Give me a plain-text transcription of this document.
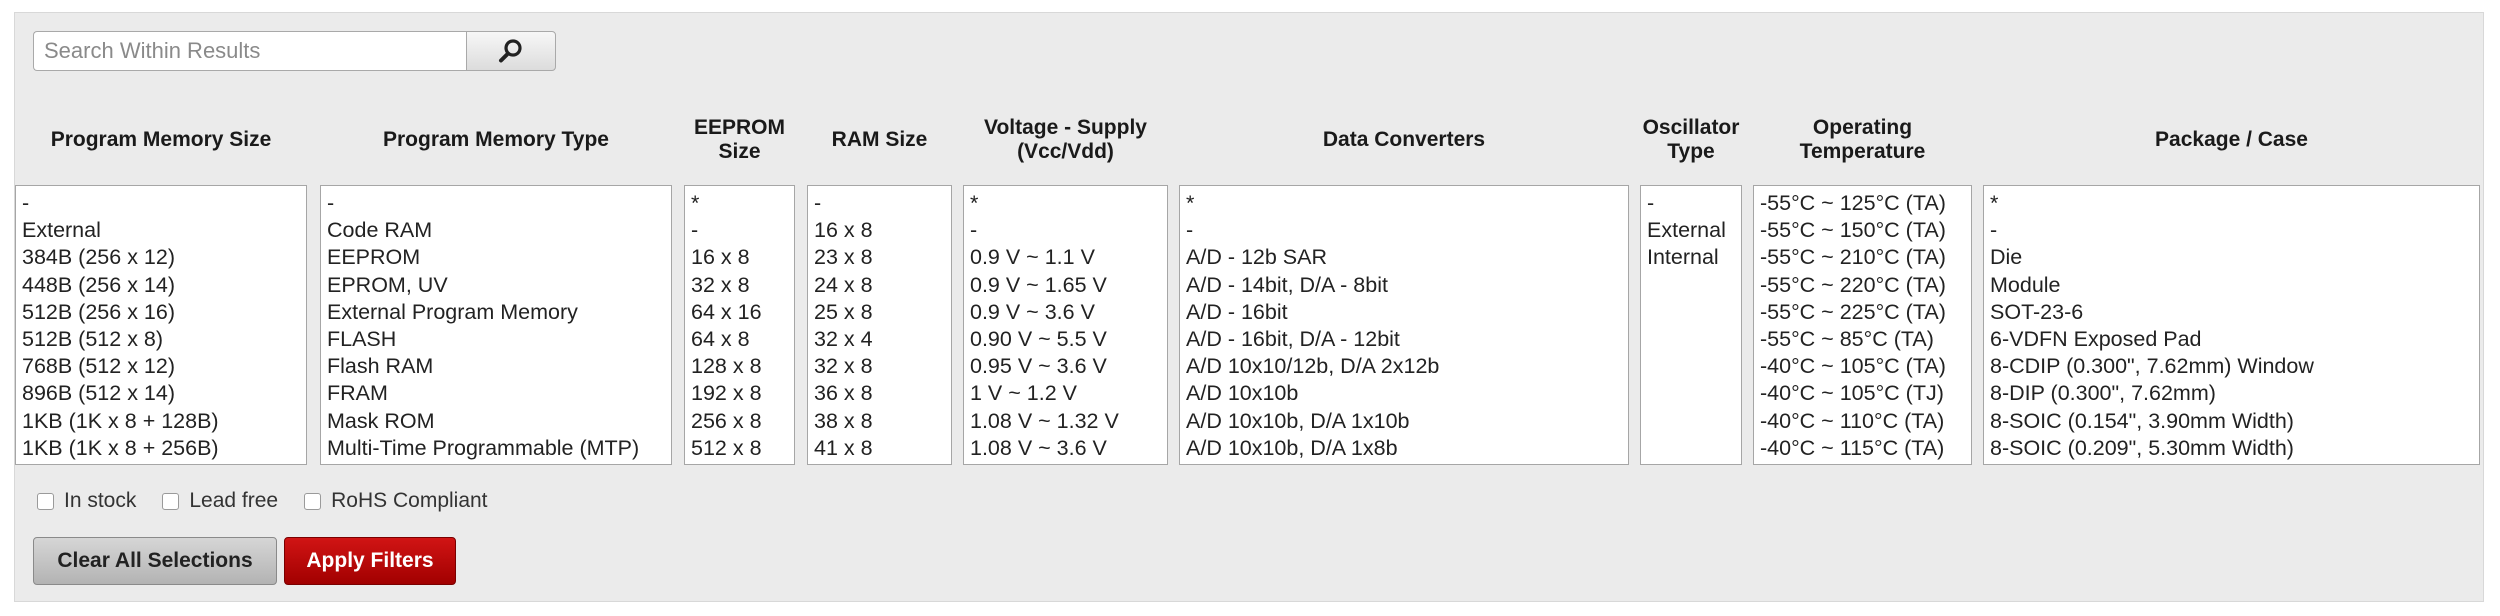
Search Within Results
Program Memory Size
-
External
384B (256 x 12)
448B (256 x 14)
512B (256 x 16)
512B (512 x 8)
768B (512 x 12)
896B (512 x 14)
1KB (1K x 8 + 128B)
1KB (1K x 8 + 256B)
Program Memory Type
-
Code RAM
EEPROM
EPROM, UV
External Program Memory
FLASH
Flash RAM
FRAM
Mask ROM
Multi-Time Programmable (MTP)
EEPROM Size
*
-
16 x 8
32 x 8
64 x 16
64 x 8
128 x 8
192 x 8
256 x 8
512 x 8
RAM Size
-
16 x 8
23 x 8
24 x 8
25 x 8
32 x 4
32 x 8
36 x 8
38 x 8
41 x 8
Voltage - Supply (Vcc/Vdd)
*
-
0.9 V ~ 1.1 V
0.9 V ~ 1.65 V
0.9 V ~ 3.6 V
0.90 V ~ 5.5 V
0.95 V ~ 3.6 V
1 V ~ 1.2 V
1.08 V ~ 1.32 V
1.08 V ~ 3.6 V
Data Converters
*
-
A/D - 12b SAR
A/D - 14bit, D/A - 8bit
A/D - 16bit
A/D - 16bit, D/A - 12bit
A/D 10x10/12b, D/A 2x12b
A/D 10x10b
A/D 10x10b, D/A 1x10b
A/D 10x10b, D/A 1x8b
Oscillator Type
-
External
Internal
Operating Temperature
-55°C ~ 125°C (TA)
-55°C ~ 150°C (TA)
-55°C ~ 210°C (TA)
-55°C ~ 220°C (TA)
-55°C ~ 225°C (TA)
-55°C ~ 85°C (TA)
-40°C ~ 105°C (TA)
-40°C ~ 105°C (TJ)
-40°C ~ 110°C (TA)
-40°C ~ 115°C (TA)
Package / Case
*
-
Die
Module
SOT-23-6
6-VDFN Exposed Pad
8-CDIP (0.300", 7.62mm) Window
8-DIP (0.300", 7.62mm)
8-SOIC (0.154", 3.90mm Width)
8-SOIC (0.209", 5.30mm Width)
In stock	Lead free	RoHS Compliant
Clear All Selections	Apply Filters
